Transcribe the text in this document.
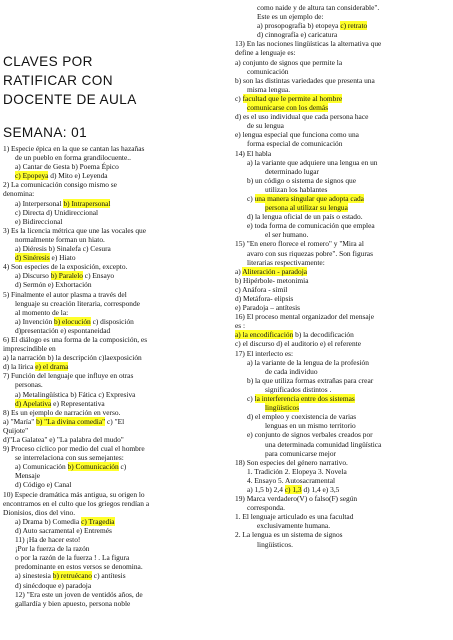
CLAVES POR
RATIFICAR CON
DOCENTE DE AULA
SEMANA: 01
1) Especie épica en la que se cantan las hazañas
de un pueblo en forma grandilocuente..
a) Cantar de Gesta b) Poema Épico
c) Epopeya d) Mito e) Leyenda
2) La comunicación consigo mismo se
denomina:
a) Interpersonal b) Intrapersonal
c) Directa d) Unidireccional
e) Bidireccional
3) Es la licencia métrica que une las vocales que
normalmente forman un hiato.
a) Diéresis b) Sinalefa c) Cesura
d) Sinéresis e) Hiato
4) Son especies de la exposición, excepto.
a) Discurso b) Paralelo c) Ensayo
d) Sermón e) Exhortación
5) Finalmente el autor plasma a través del
lenguaje su creación literaria, corresponde
al momento de la:
a) Invención b) elocución c) disposición
d)presentación e) espontaneidad
6) El diálogo es una forma de la composición, es
imprescindible en
a) la narración b) la descripción c)laexposición
d) la lírica e) el drama
7) Función del lenguaje que influye en otras
personas.
a) Metalingüística b) Fática c) Expresiva
d) Apelativa e) Representativa
8) Es un ejemplo de narración en verso.
a) "María" b) "La divina comedia" c) "El
Quijote"
d)"La Galatea" e) "La palabra del mudo"
9) Proceso cíclico por medio del cual el hombre
se interrelaciona con sus semejantes:
a) Comunicación b) Comunicación c)
Mensaje
d) Código e) Canal
10) Especie dramática más antigua, su origen lo
encontramos en el culto que los griegos rendían a
Dionisios, dios del vino.
a) Drama b) Comedia c) Tragedia
d) Auto sacramental e) Entremés
11) ¡Ha de hacer esto!
¡Por la fuerza de la razón
o por la razón de la fuerza ! . La figura
predominante en estos versos se denomina.
a) sinestesia b) retruécano c) antítesis
d) sinécdoque e) paradoja
12) "Era este un joven de ventidós años, de
gallardía y bien apuesto, persona noble
como naide y de altura tan considerable".
Este es un ejemplo de:
a) prosopografía b) etopeya c) retrato
d) cinnografía e) caricatura
13) En las nociones lingüísticas la alternativa que
define a lenguaje es:
a) conjunto de signos que permite la
comunicación
b) son las distintas variedades que presenta una
misma lengua.
c) facultad que le permite al hombre
comunicarse con los demás
d) es el uso individual que cada persona hace
de su lengua
e) lengua especial que funciona como una
forma especial de comunicación
14) El habla
a) la variante que adquiere una lengua en un
determinado lugar
b) un código o sistema de signos que
utilizan los hablantes
c) una manera singular que adopta cada
persona al utilizar su lengua
d) la lengua oficial de un país o estado.
e) toda forma de comunicación que emplea
el ser humano.
15) "En enero florece el romero" y "Mira al
avaro con sus riquezas pobre". Son figuras
literarias respectivamente:
a) Aliteración - paradoja
b) Hipérbole- metonimia
c) Anáfora - símil
d) Metáfora- elipsis
e) Paradoja – antítesis
16) El proceso mental organizador del mensaje
es :
a) la encodificación b) la decodificación
c) el discurso d) el auditorio e) el referente
17) El interlecto es:
a) la variante de la lengua de la profesión
de cada individuo
b) la que utiliza formas extrañas para crear
significados distintos .
c) la interferencia entre dos sistemas
lingüísticos
d) el empleo y coexistencia de varias
lenguas en un mismo territorio
e) conjunto de signos verbales creados por
una determinada comunidad lingüística
para comunicarse mejor
18) Son especies del género narrativo.
1. Tradición 2. Elopeya 3. Novela
4. Ensayo 5. Autosacramental
a) 1,5 b) 2,4 c) 1,3 d) 1,4 e) 3,5
19) Marca verdadero(V) o falso(F) según
corresponda.
1. El lenguaje articulado es una facultad
exclusivamente humana.
2. La lengua es un sistema de signos
lingüísticos.
